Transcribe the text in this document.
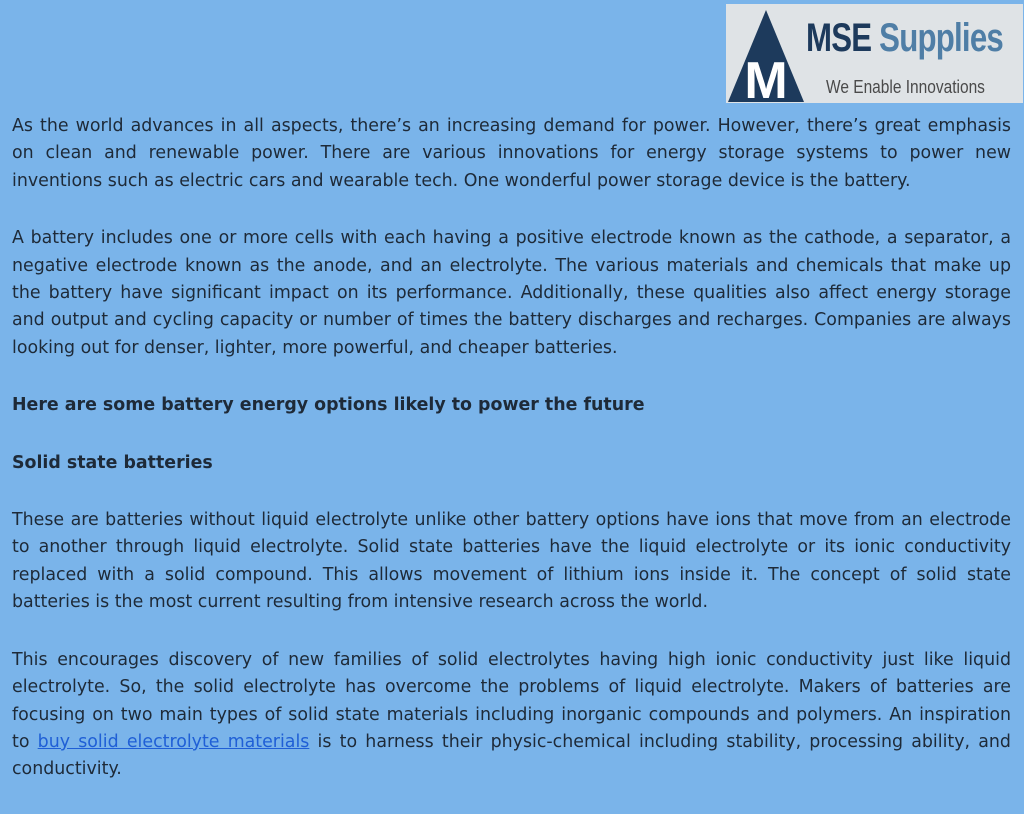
M
MSE Supplies
We Enable Innovations

As the world advances in all aspects, there’s an increasing demand for power. However, there’s great emphasis on clean and renewable power. There are various innovations for energy storage systems to power new inventions such as electric cars and wearable tech. One wonderful power storage device is the battery.

A battery includes one or more cells with each having a positive electrode known as the cathode, a separator, a negative electrode known as the anode, and an electrolyte. The various materials and chemicals that make up the battery have significant impact on its performance. Additionally, these qualities also affect energy storage and output and cycling capacity or number of times the battery discharges and recharges. Companies are always looking out for denser, lighter, more powerful, and cheaper batteries.

Here are some battery energy options likely to power the future

Solid state batteries

These are batteries without liquid electrolyte unlike other battery options have ions that move from an electrode to another through liquid electrolyte. Solid state batteries have the liquid electrolyte or its ionic conductivity replaced with a solid compound. This allows movement of lithium ions inside it. The concept of solid state batteries is the most current resulting from intensive research across the world.

This encourages discovery of new families of solid electrolytes having high ionic conductivity just like liquid electrolyte. So, the solid electrolyte has overcome the problems of liquid electrolyte. Makers of batteries are focusing on two main types of solid state materials including inorganic compounds and polymers. An inspiration to buy solid electrolyte materials is to harness their physic-chemical including stability, processing ability, and conductivity.
